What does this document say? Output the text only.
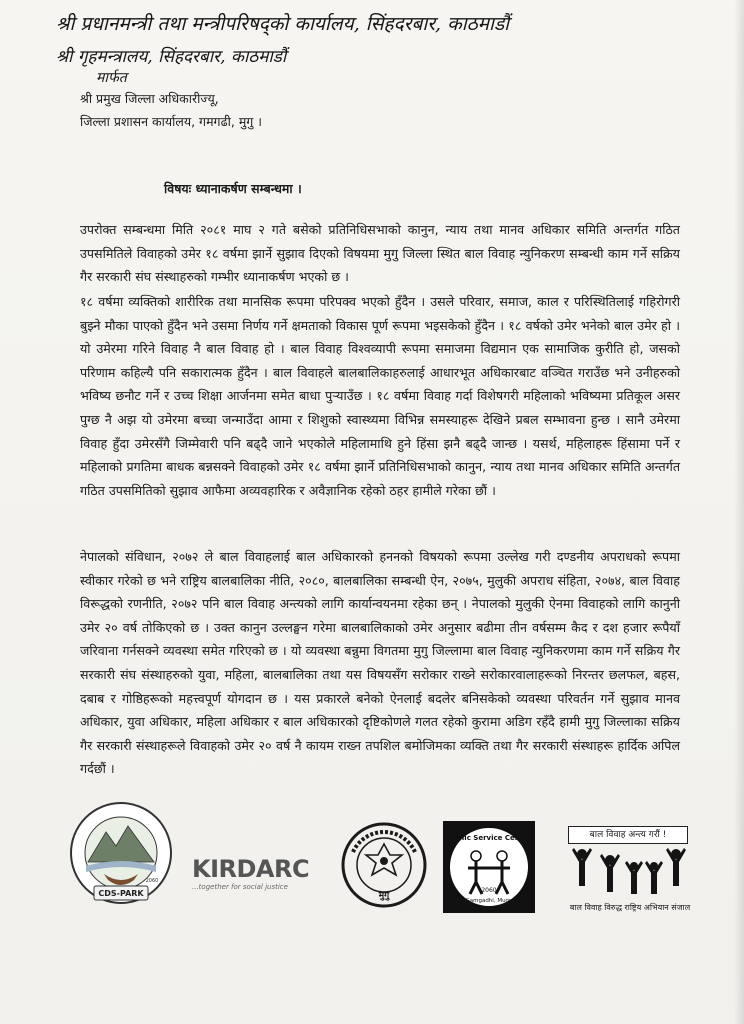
श्री प्रधानमन्त्री तथा मन्त्रीपरिषद्को कार्यालय, सिंहदरबार, काठमाडौं
श्री गृहमन्त्रालय, सिंहदरबार, काठमाडौं
मार्फत
श्री प्रमुख जिल्ला अधिकारीज्यू,
जिल्ला प्रशासन कार्यालय, गमगढी, मुगु ।
विषयः ध्यानाकर्षण सम्बन्धमा ।

उपरोक्त सम्बन्धमा मिति २०८१ माघ २ गते बसेको प्रतिनिधिसभाको कानुन, न्याय तथा मानव अधिकार समिति अन्तर्गत गठित उपसमितिले विवाहको उमेर १८ वर्षमा झार्ने सुझाव दिएको विषयमा मुगु जिल्ला स्थित बाल विवाह न्युनिकरण सम्बन्धी काम गर्ने सक्रिय गैर सरकारी संघ संस्थाहरुको गम्भीर ध्यानाकर्षण भएको छ ।

१८ वर्षमा व्यक्तिको शारीरिक तथा मानसिक रूपमा परिपक्व भएको हुँदैन । उसले परिवार, समाज, काल र परिस्थितिलाई गहिरोगरी बुझ्ने मौका पाएको हुँदैन भने उसमा निर्णय गर्ने क्षमताको विकास पूर्ण रूपमा भइसकेको हुँदैन । १८ वर्षको उमेर भनेको बाल उमेर हो । यो उमेरमा गरिने विवाह नै बाल विवाह हो । बाल विवाह विश्वव्यापी रूपमा समाजमा विद्यमान एक सामाजिक कुरीति हो, जसको परिणाम कहिल्यै पनि सकारात्मक हुँदैन । बाल विवाहले बालबालिकाहरुलाई आधारभूत अधिकारबाट वञ्चित गराउँछ भने उनीहरुको भविष्य छनौट गर्ने र उच्च शिक्षा आर्जनमा समेत बाधा पुऱ्याउँछ । १८ वर्षमा विवाह गर्दा विशेषगरी महिलाको भविष्यमा प्रतिकूल असर पुग्छ नै अझ यो उमेरमा बच्चा जन्माउँदा आमा र शिशुको स्वास्थ्यमा विभिन्न समस्याहरू देखिने प्रबल सम्भावना हुन्छ । सानै उमेरमा विवाह हुँदा उमेरसँगै जिम्मेवारी पनि बढ्दै जाने भएकोले महिलामाथि हुने हिंसा झनै बढ्दै जान्छ । यसर्थ, महिलाहरू हिंसामा पर्ने र महिलाको प्रगतिमा बाधक बन्नसक्ने विवाहको उमेर १८ वर्षमा झार्ने प्रतिनिधिसभाको कानुन, न्याय तथा मानव अधिकार समिति अन्तर्गत गठित उपसमितिको सुझाव आफैमा अव्यवहारिक र अवैज्ञानिक रहेको ठहर हामीले गरेका छौं ।

नेपालको संविधान, २०७२ ले बाल विवाहलाई बाल अधिकारको हननको विषयको रूपमा उल्लेख गरी दण्डनीय अपराधको रूपमा स्वीकार गरेको छ भने राष्ट्रिय बालबालिका नीति, २०८०, बालबालिका सम्बन्धी ऐन, २०७५, मुलुकी अपराध संहिता, २०७४, बाल विवाह विरूद्धको रणनीति, २०७२ पनि बाल विवाह अन्त्यको लागि कार्यान्वयनमा रहेका छन् । नेपालको मुलुकी ऐनमा विवाहको लागि कानुनी उमेर २० वर्ष तोकिएको छ । उक्त कानुन उल्लङ्घन गरेमा बालबालिकाको उमेर अनुसार बढीमा तीन वर्षसम्म कैद र दश हजार रूपैयाँ जरिवाना गर्नसक्ने व्यवस्था समेत गरिएको छ । यो व्यवस्था बन्नुमा विगतमा मुगु जिल्लामा बाल विवाह न्युनिकरणमा काम गर्ने सक्रिय गैर सरकारी संघ संस्थाहरुको युवा, महिला, बालबालिका तथा यस विषयसँग सरोकार राख्ने सरोकारवालाहरूको निरन्तर छलफल, बहस, दबाब र गोष्ठिहरूको महत्त्वपूर्ण योगदान छ । यस प्रकारले बनेको ऐनलाई बदलेर बनिसकेको व्यवस्था परिवर्तन गर्ने सुझाव मानव अधिकार, युवा अधिकार, महिला अधिकार र बाल अधिकारको दृष्टिकोणले गलत रहेको कुरामा अडिग रहँदै हामी मुगु जिल्लाका सक्रिय गैर सरकारी संस्थाहरूले विवाहको उमेर २० वर्ष नै कायम राख्न तपशिल बमोजिमका व्यक्ति तथा गैर सरकारी संस्थाहरू हार्दिक अपिल गर्दछौं ।

CDS-PARK
2060 KIRDARC
...together for social justice
मुगु
Public Service Centre
2060
Gamgadhi, Mugu
बाल विवाह अन्त्य गरौं !
बाल विवाह विरुद्ध राष्ट्रिय अभियान संजाल
